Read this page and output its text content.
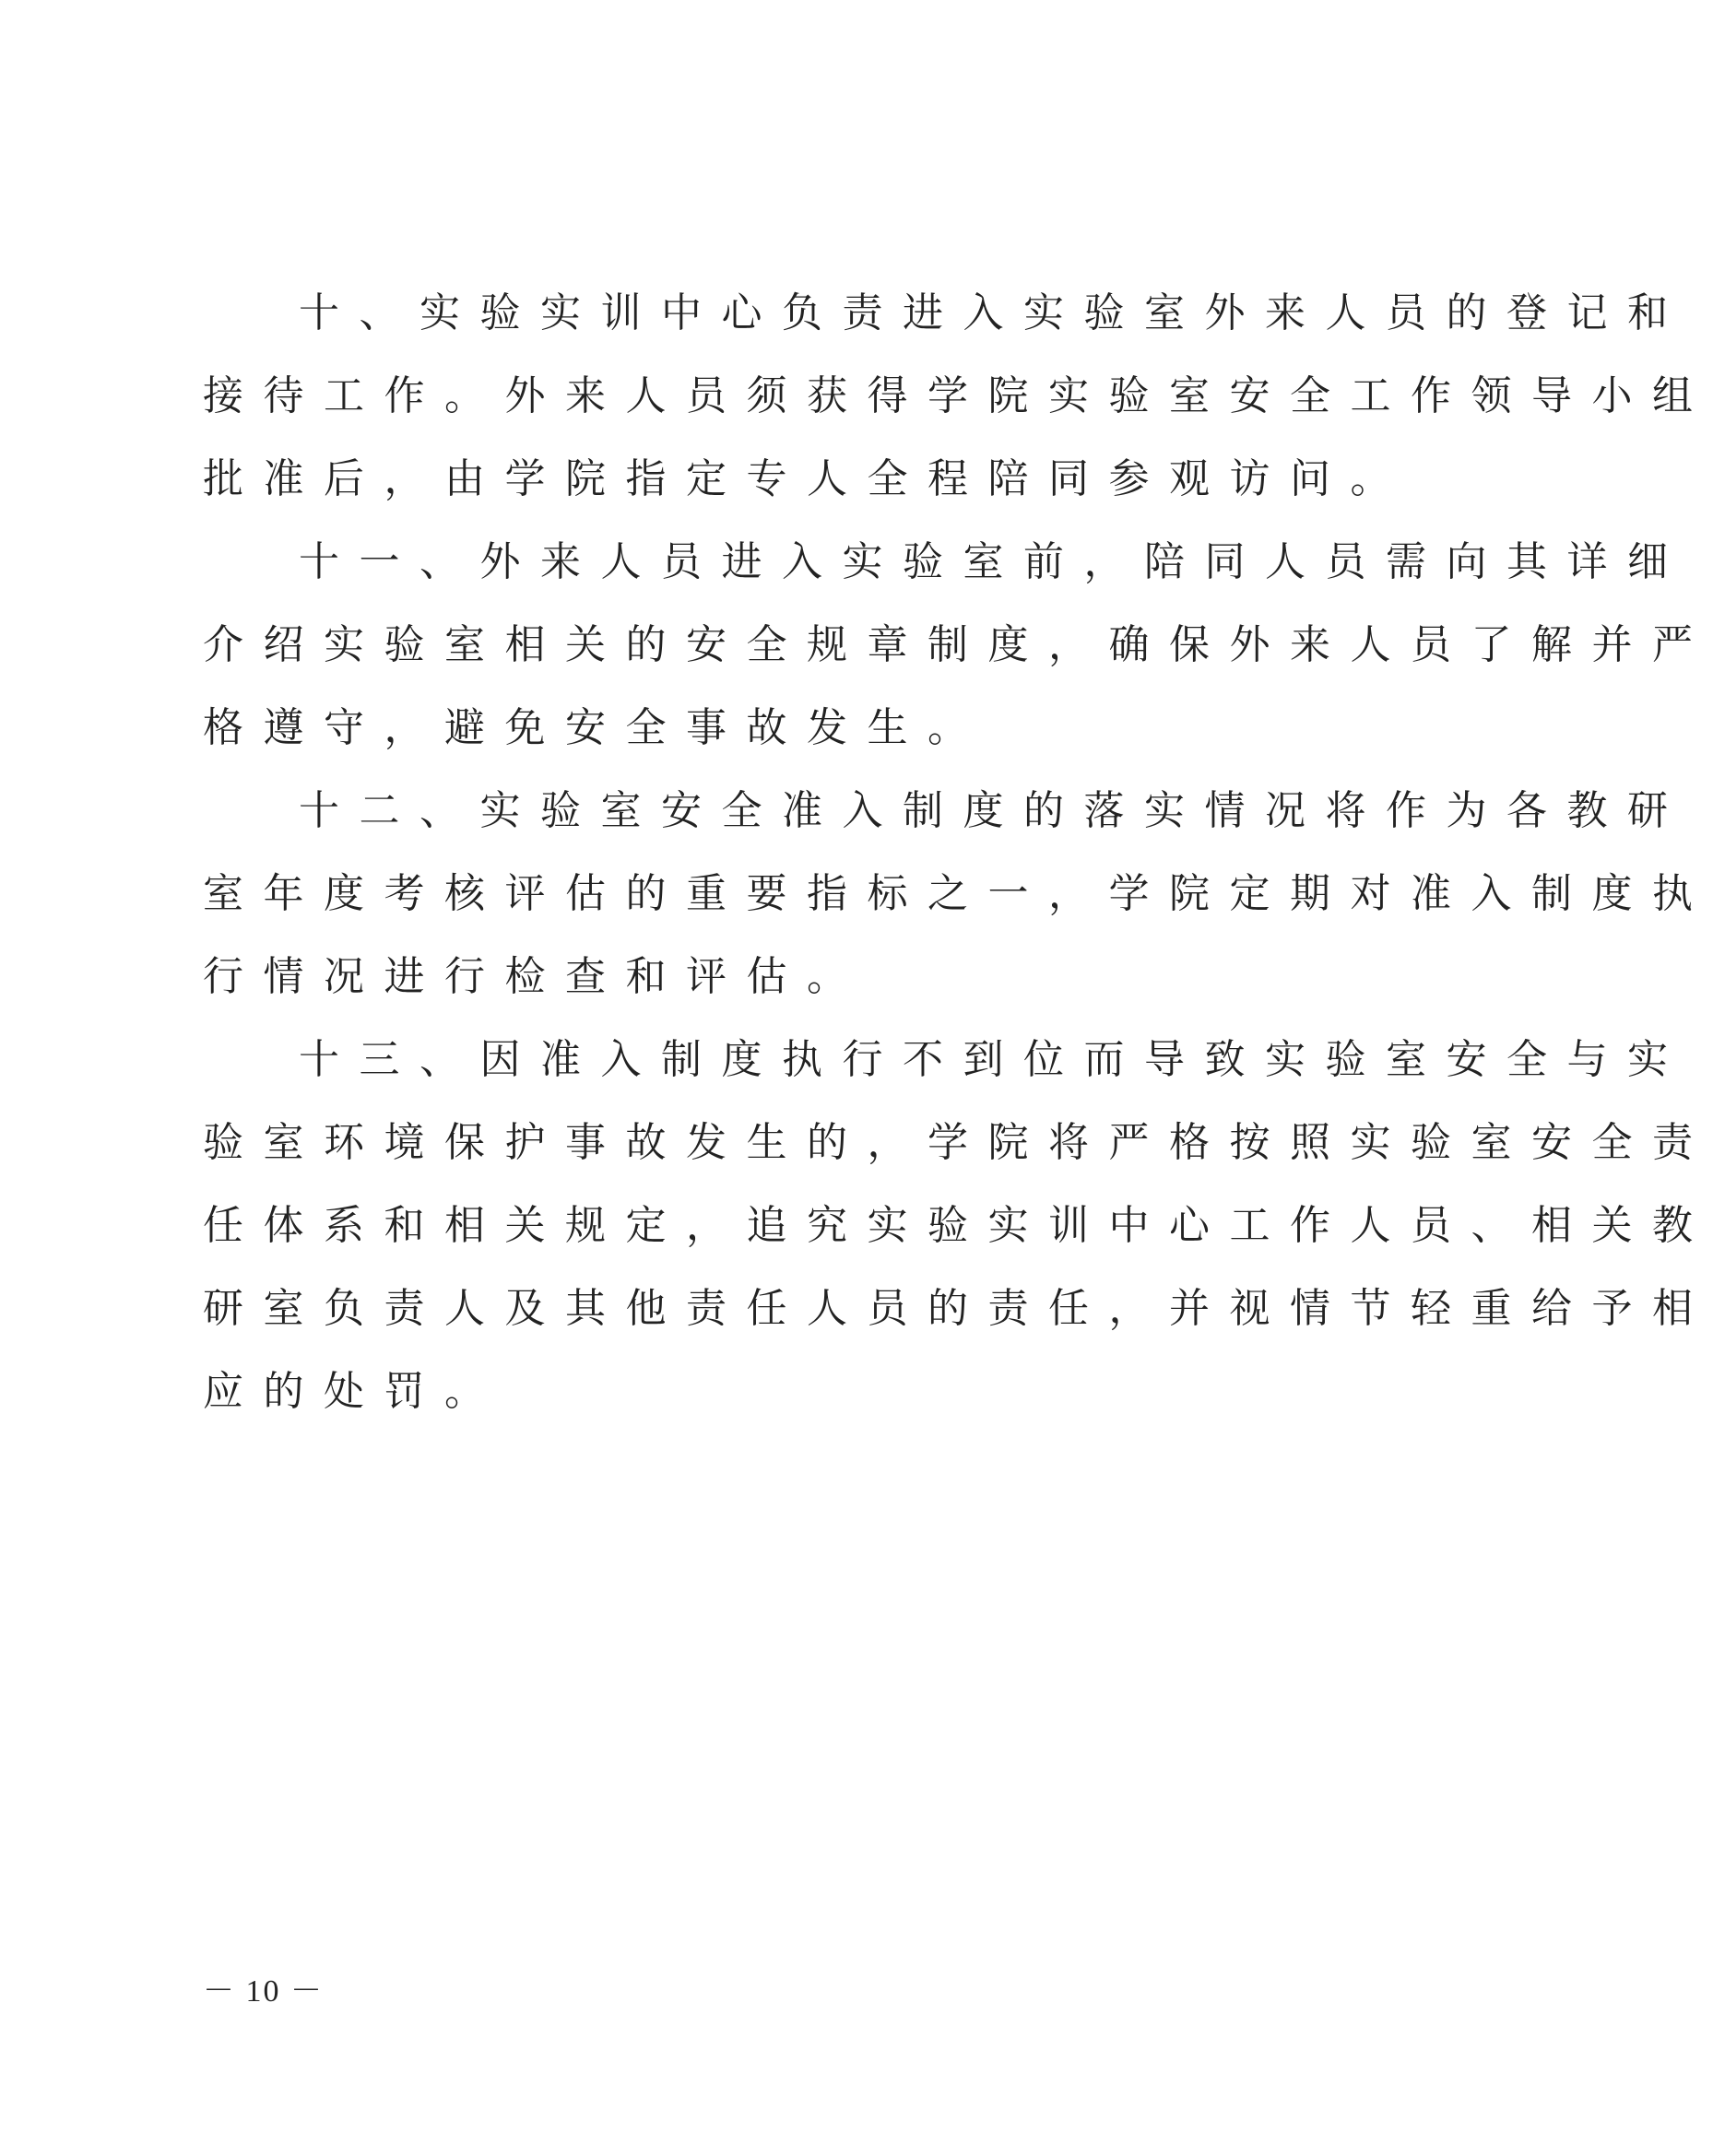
十、实验实训中心负责进入实验室外来人员的登记和
接待工作。外来人员须获得学院实验室安全工作领导小组
批准后，由学院指定专人全程陪同参观访问。
十一、外来人员进入实验室前，陪同人员需向其详细
介绍实验室相关的安全规章制度，确保外来人员了解并严
格遵守，避免安全事故发生。
十二、实验室安全准入制度的落实情况将作为各教研
室年度考核评估的重要指标之一，学院定期对准入制度执
行情况进行检查和评估。
十三、因准入制度执行不到位而导致实验室安全与实
验室环境保护事故发生的，学院将严格按照实验室安全责
任体系和相关规定，追究实验实训中心工作人员、相关教
研室负责人及其他责任人员的责任，并视情节轻重给予相
应的处罚。
－ 10 －
